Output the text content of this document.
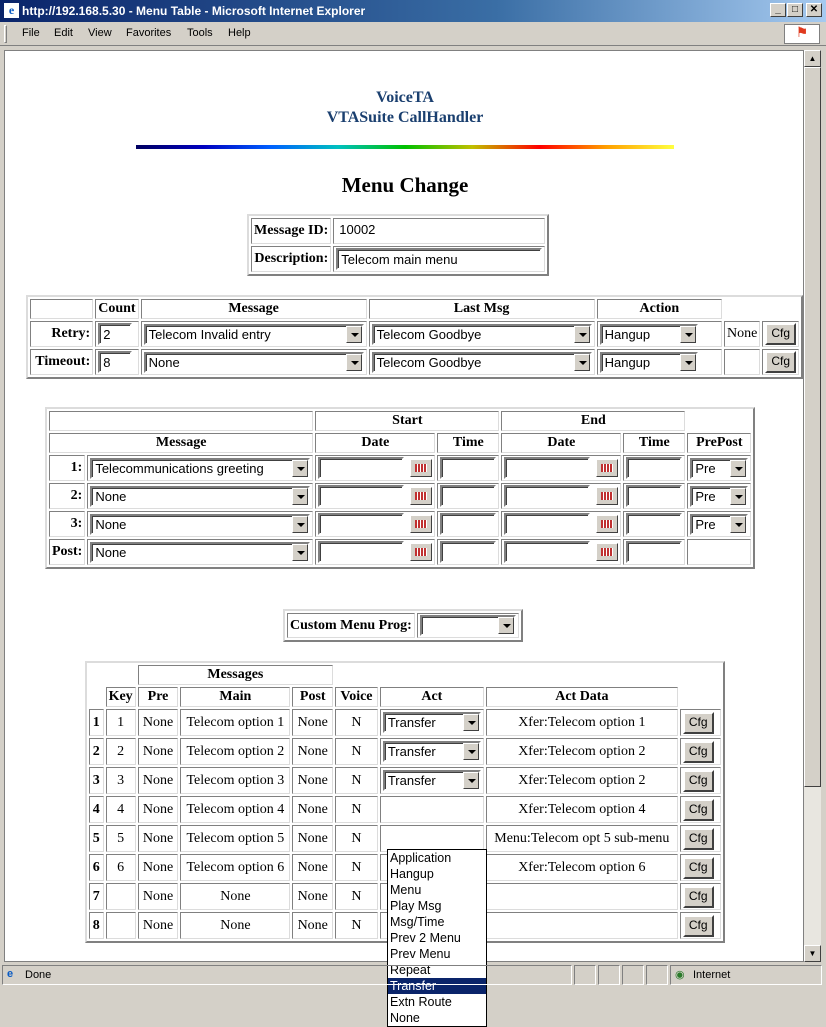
e http://192.168.5.30 - Menu Table - Microsoft Internet Explorer	_	□	✕
File Edit View Favorites Tools Help	⚑
VoiceTA
VTASuite CallHandler
Menu Change
Message ID:	10002
Description:	Telecom main menu
	Count	Message	Last Msg	Action		
Retry:	2	Telecom Invalid entry	Telecom Goodbye	Hangup	None	Cfg
Timeout:	8	None	Telecom Goodbye	Hangup		Cfg
		Start		End		
Message		Date	Time	Date	Time	PrePost
1:	Telecommunications greeting					Pre

2:	None					Pre

3:	None					Pre

Post:	None

Custom Menu Prog:	
		Messages						
	Key	Pre	Main	Post	Voice	Act	Act Data	
1	1	None	Telecom option 1	None	N	Transfer	Xfer:Telecom option 1	Cfg
2	2	None	Telecom option 2	None	N	Transfer	Xfer:Telecom option 2	Cfg
3	3	None	Telecom option 3	None	N	Transfer	Xfer:Telecom option 2	Cfg
4	4	None	Telecom option 4	None	N		Xfer:Telecom option 4	Cfg
5	5	None	Telecom option 5	None	N		Menu:Telecom opt 5 sub-menu	Cfg
6	6	None	Telecom option 6	None	N		Xfer:Telecom option 6	Cfg
7		None	None	None	N			Cfg
8		None	None	None	N			Cfg
Application
Hangup
Menu
Play Msg
Msg/Time
Prev 2 Menu
Prev Menu
Repeat
Transfer
Extn Route
None
▲
▼
e Done	◉ Internet
